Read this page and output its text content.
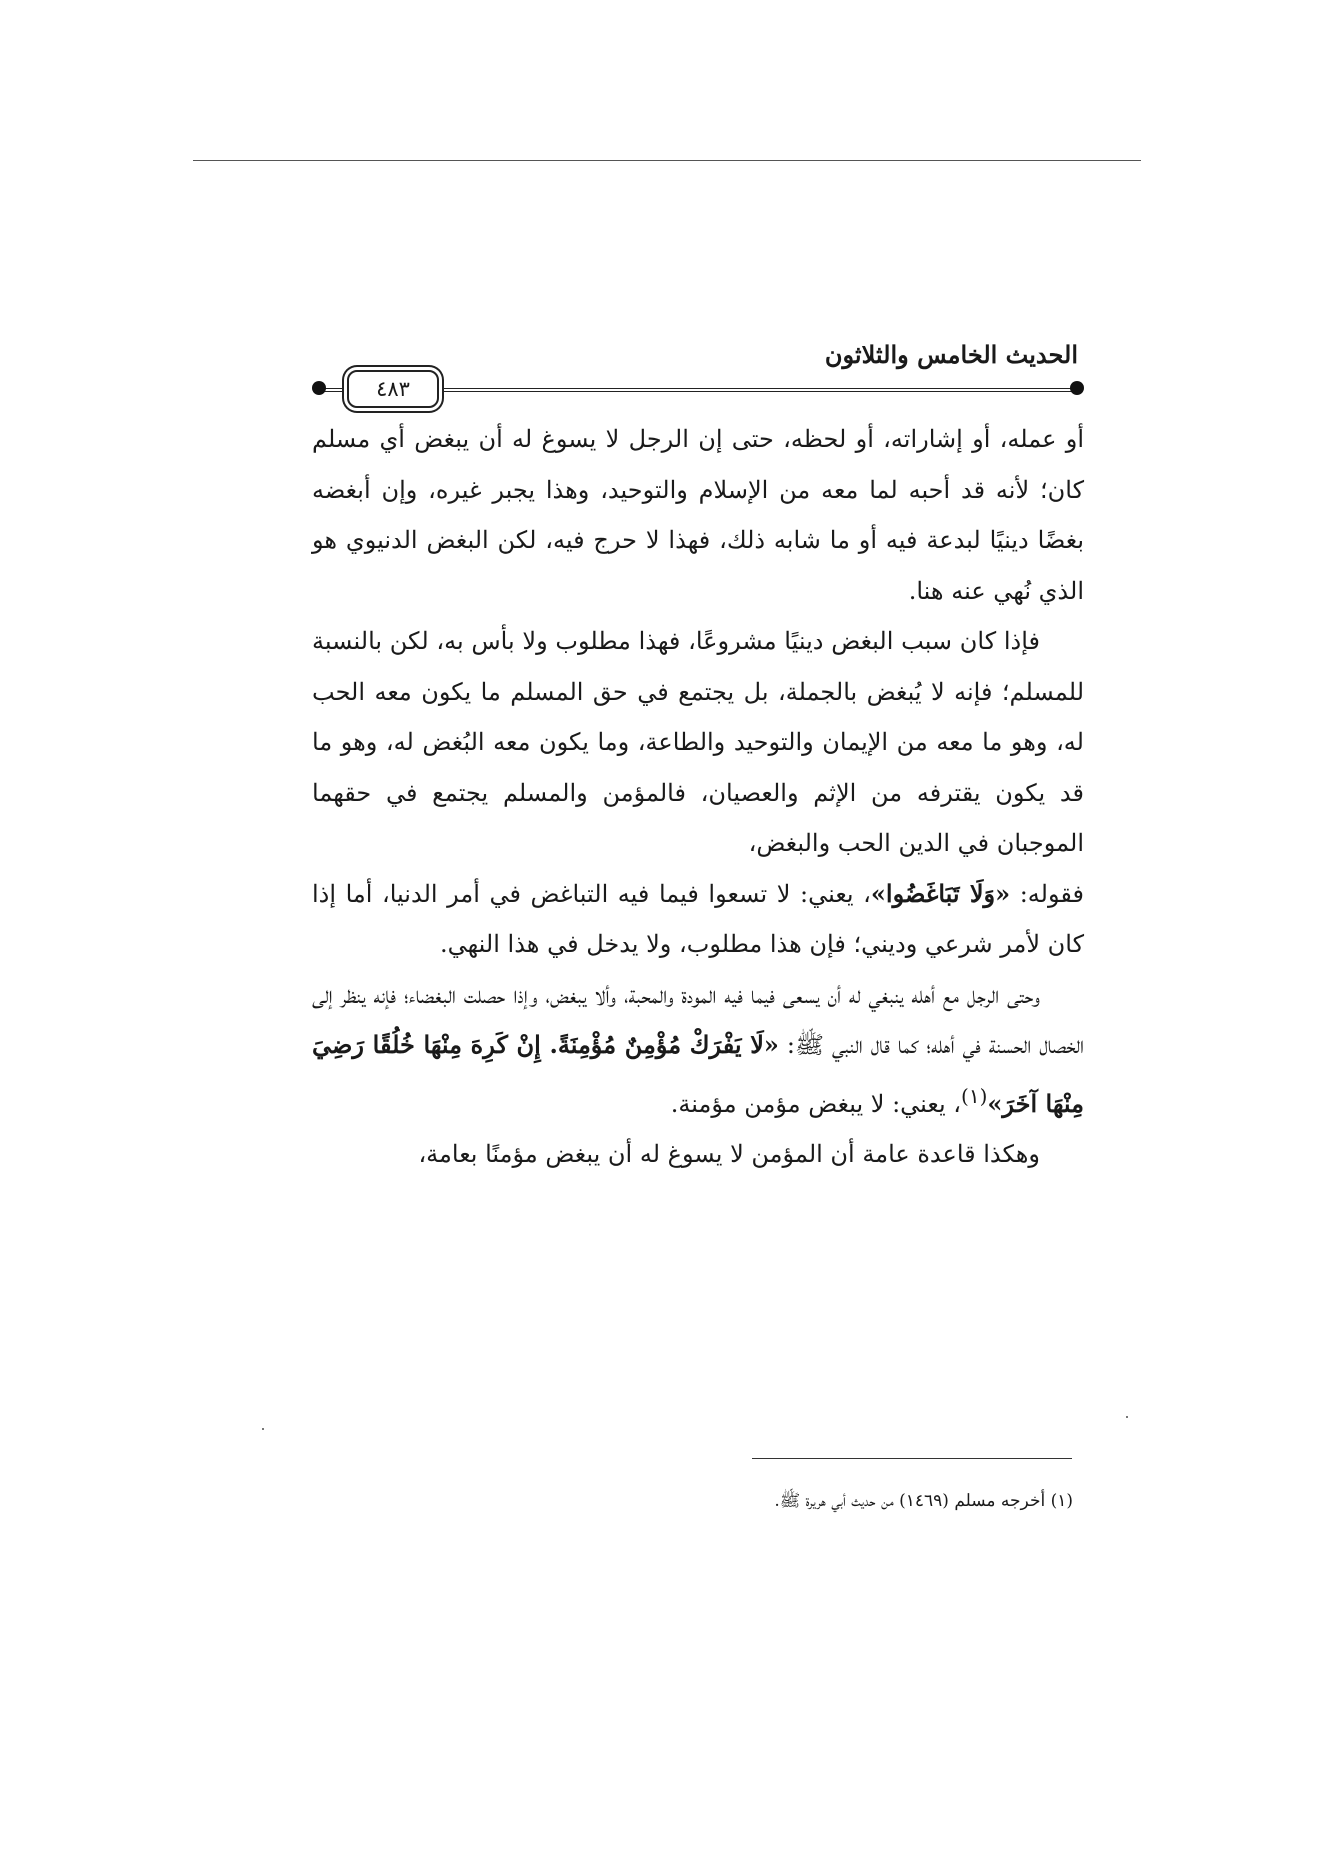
٤٨٣
الحديث الخامس والثلاثون

أو عمله، أو إشاراته، أو لحظه، حتى إن الرجل لا يسوغ له أن يبغض أي مسلم كان؛ لأنه قد أحبه لما معه من الإسلام والتوحيد، وهذا يجبر غيره، وإن أبغضه بغضًا دينيًا لبدعة فيه أو ما شابه ذلك، فهذا لا حرج فيه، لكن البغض الدنيوي هو الذي نُهي عنه هنا.

فإذا كان سبب البغض دينيًا مشروعًا، فهذا مطلوب ولا بأس به، لكن بالنسبة للمسلم؛ فإنه لا يُبغض بالجملة، بل يجتمع في حق المسلم ما يكون معه الحب له، وهو ما معه من الإيمان والتوحيد والطاعة، وما يكون معه البُغض له، وهو ما قد يكون يقترفه من الإثم والعصيان، فالمؤمن والمسلم يجتمع في حقهما الموجبان في الدين الحب والبغض،

فقوله: «وَلَا تَبَاغَضُوا»، يعني: لا تسعوا فيما فيه التباغض في أمر الدنيا، أما إذا كان لأمر شرعي وديني؛ فإن هذا مطلوب، ولا يدخل في هذا النهي.

وحتى الرجل مع أهله ينبغي له أن يسعى فيما فيه المودة والمحبة، وألا يبغض، وإذا حصلت البغضاء؛ فإنه ينظر إلى الخصال الحسنة في أهله؛ كما قال النبي ﷺ: «لَا يَفْرَكْ مُؤْمِنٌ مُؤْمِنَةً. إِنْ كَرِهَ مِنْهَا خُلُقًا رَضِيَ مِنْهَا آخَرَ»$^{(١)}$، يعني: لا يبغض مؤمن مؤمنة.

وهكذا قاعدة عامة أن المؤمن لا يسوغ له أن يبغض مؤمنًا بعامة،

(١) أخرجه مسلم (١٤٦٩) من حديث أبي هريرة ﷺ.
